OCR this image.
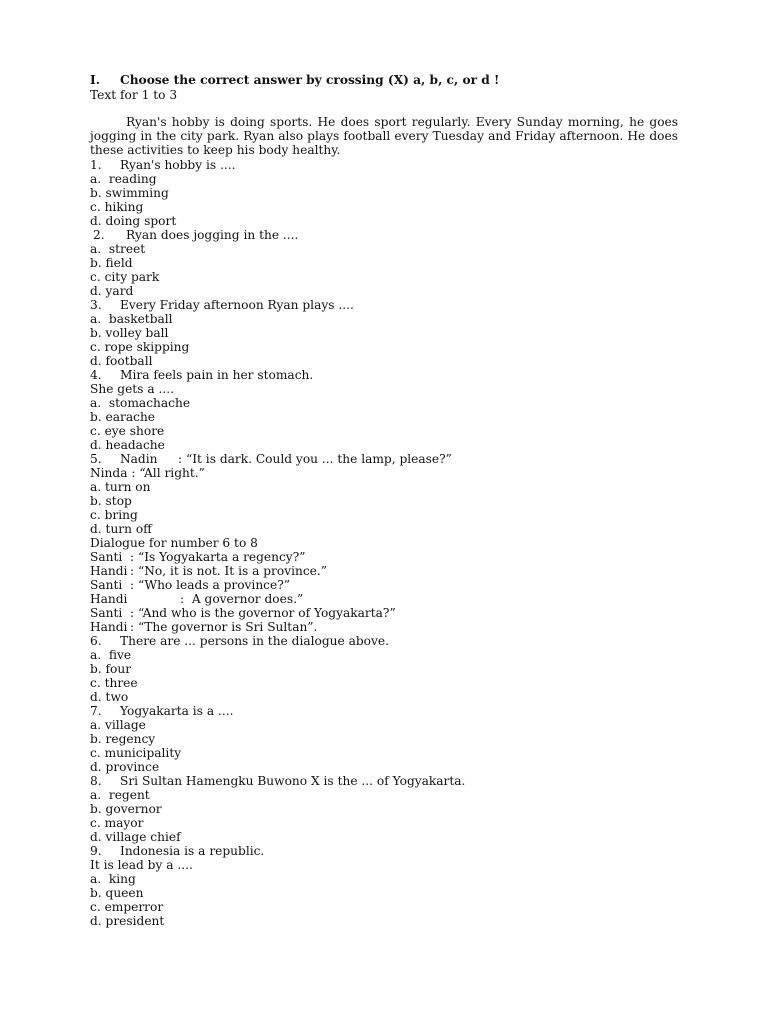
I.	Choose the correct answer by crossing (X) a, b, c, or d !
Text for 1 to 3
Ryan's hobby is doing sports. He does sport regularly. Every Sunday morning, he goes jogging in the city park. Ryan also plays football every Tuesday and Friday afternoon. He does these activities to keep his body healthy.
1.	Ryan's hobby is ....
a.  reading
b. swimming
c. hiking
d. doing sport
2.	Ryan does jogging in the ....
a.  street
b. field
c. city park
d. yard
3.	Every Friday afternoon Ryan plays ....
a.  basketball
b. volley ball
c. rope skipping
d. football
4.	Mira feels pain in her stomach.
She gets a ....
a.  stomachache
b. earache
c. eye shore
d. headache
5.	Nadin	: “It is dark. Could you ... the lamp, please?”
Ninda : “All right.”
a. turn on
b. stop
c. bring
d. turn off
Dialogue for number 6 to 8
Santi : “Is Yogyakarta a regency?”
Handi : “No, it is not. It is a province.”
Santi : “Who leads a province?”
Handi	:  A governor does.”
Santi : “And who is the governor of Yogyakarta?”
Handi : “The governor is Sri Sultan”.
6.	There are ... persons in the dialogue above.
a.  five
b. four
c. three
d. two
7.	Yogyakarta is a ....
a. village
b. regency
c. municipality
d. province
8.	Sri Sultan Hamengku Buwono X is the ... of Yogyakarta.
a.  regent
b. governor
c. mayor
d. village chief
9.	Indonesia is a republic.
It is lead by a ....
a.  king
b. queen
c. emperror
d. president
